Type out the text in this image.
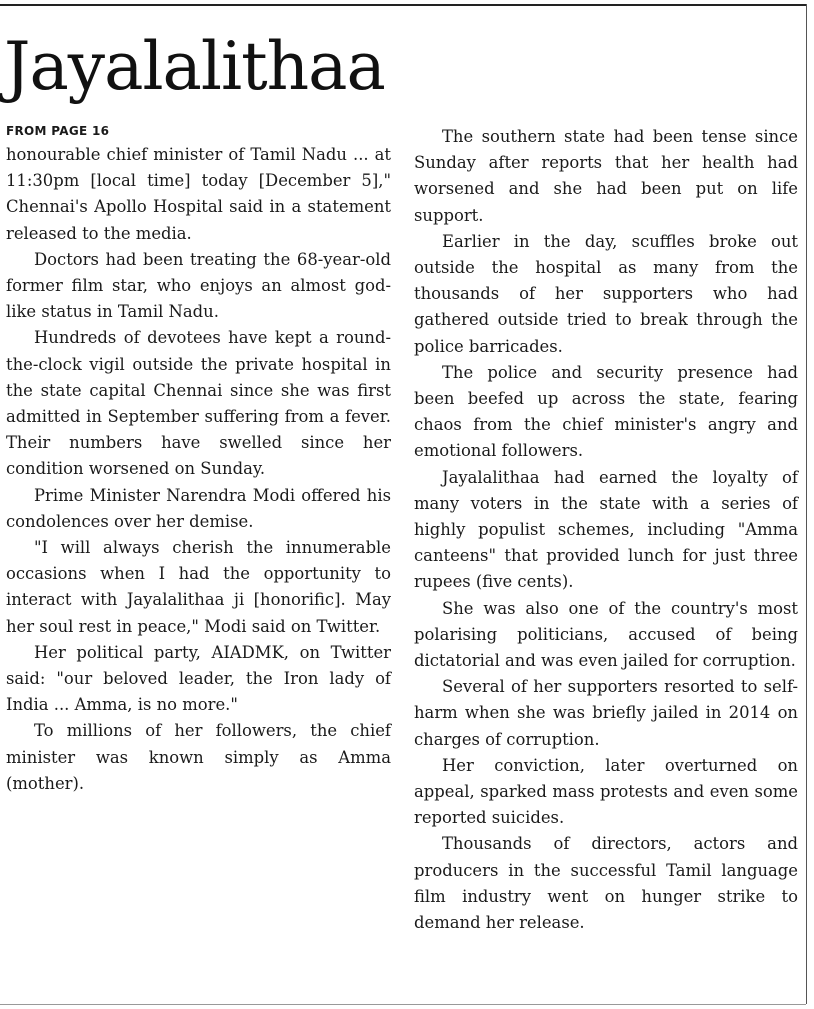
Jayalalithaa
FROM PAGE 16

honourable chief minister of Tamil Nadu ... at 11:30pm [local time] today [December 5]," Chennai's Apollo Hospital said in a statement released to the media.

Doctors had been treating the 68-year-old former film star, who enjoys an almost god-like status in Tamil Nadu.

Hundreds of devotees have kept a round-the-clock vigil outside the private hospital in the state capital Chennai since she was first admitted in September suffering from a fever. Their numbers have swelled since her condition worsened on Sunday.

Prime Minister Narendra Modi offered his condolences over her demise.

"I will always cherish the innumerable occasions when I had the opportunity to interact with Jayalalithaa ji [honorific]. May her soul rest in peace," Modi said on Twitter.

Her political party, AIADMK, on Twitter said: "our beloved leader, the Iron lady of India ... Amma, is no more."

To millions of her followers, the chief minister was known simply as Amma (mother).

The southern state had been tense since Sunday after reports that her health had worsened and she had been put on life support.

Earlier in the day, scuffles broke out outside the hospital as many from the thousands of her supporters who had gathered outside tried to break through the police barricades.

The police and security presence had been beefed up across the state, fearing chaos from the chief minister's angry and emotional followers.

Jayalalithaa had earned the loyalty of many voters in the state with a series of highly populist schemes, including "Amma canteens" that provided lunch for just three rupees (five cents).

She was also one of the country's most polarising politicians, accused of being dictatorial and was even jailed for corruption.

Several of her supporters resorted to self-harm when she was briefly jailed in 2014 on charges of corruption.

Her conviction, later overturned on appeal, sparked mass protests and even some reported suicides.

Thousands of directors, actors and producers in the successful Tamil language film industry went on hunger strike to demand her release.
